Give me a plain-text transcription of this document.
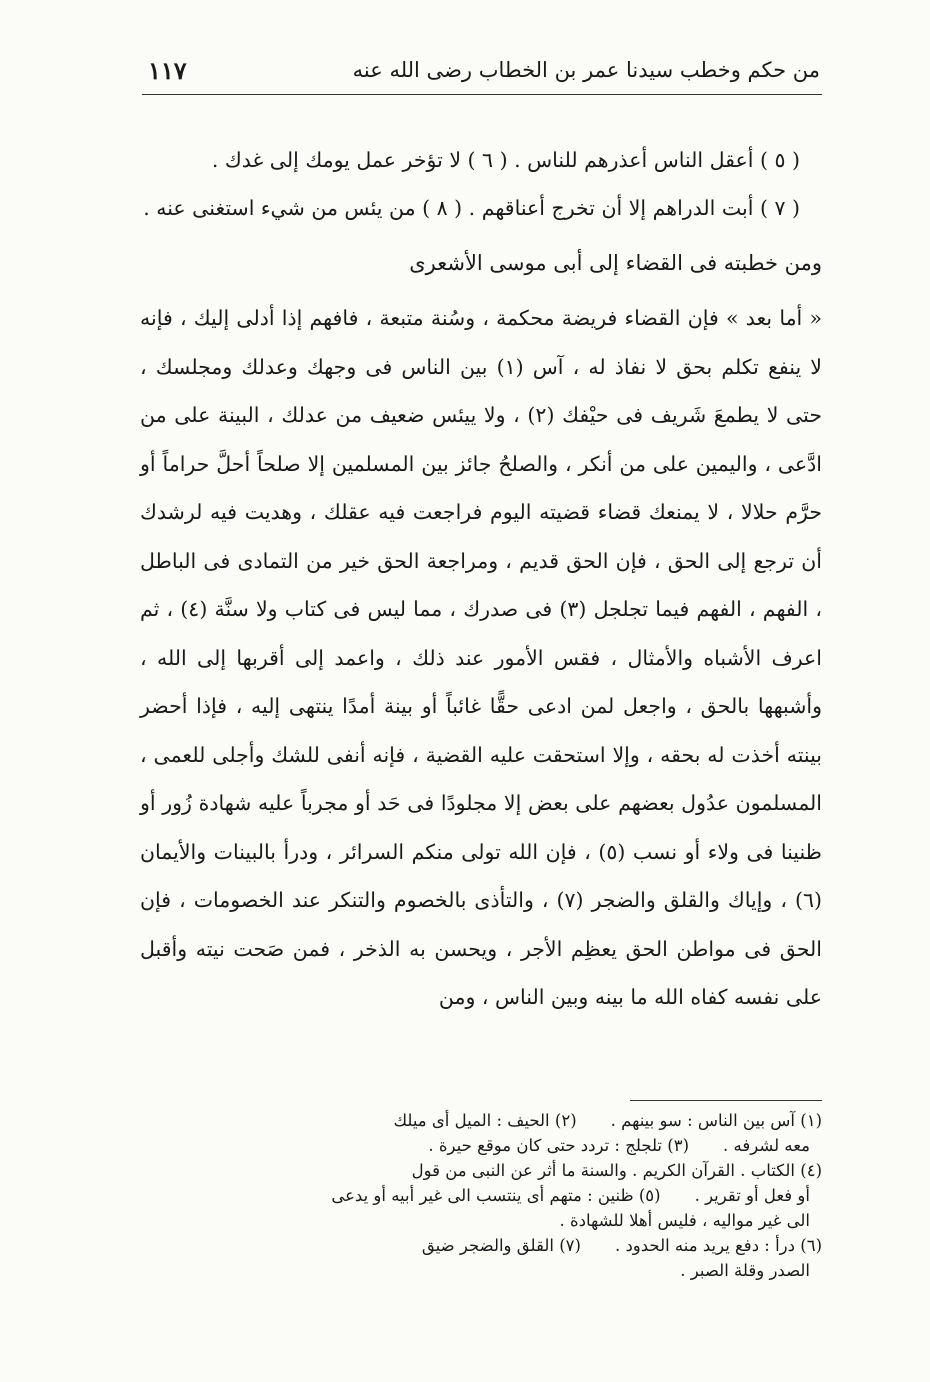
من حكم وخطب سيدنا عمر بن الخطاب رضى الله عنه
١١٧
( ٥ ) أعقل الناس أعذرهم للناس . ( ٦ ) لا تؤخر عمل يومك إلى غدك .
( ٧ ) أبت الدراهم إلا أن تخرج أعناقهم . ( ٨ ) من يئس من شيء استغنى عنه .
ومن خطبته فى القضاء إلى أبى موسى الأشعرى

« أما بعد » فإن القضاء فريضة محكمة ، وسُنة متبعة ، فافهم إذا أدلى إليك ، فإنه لا ينفع تكلم بحق لا نفاذ له ، آس (١) بين الناس فى وجهك وعدلك ومجلسك ، حتى لا يطمعَ شَريف فى حيْفك (٢) ، ولا ييئس ضعيف من عدلك ، البينة على من ادَّعى ، واليمين على من أنكر ، والصلحُ جائز بين المسلمين إلا صلحاً أحلَّ حراماً أو حرَّم حلالا ، لا يمنعك قضاء قضيته اليوم فراجعت فيه عقلك ، وهديت فيه لرشدك أن ترجع إلى الحق ، فإن الحق قديم ، ومراجعة الحق خير من التمادى فى الباطل ، الفهم ، الفهم فيما تجلجل (٣) فى صدرك ، مما ليس فى كتاب ولا سنَّة (٤) ، ثم اعرف الأشباه والأمثال ، فقس الأمور عند ذلك ، واعمد إلى أقربها إلى الله ، وأشبهها بالحق ، واجعل لمن ادعى حقًّا غائباً أو بينة أمدًا ينتهى إليه ، فإذا أحضر بينته أخذت له بحقه ، وإلا استحقت عليه القضية ، فإنه أنفى للشك وأجلى للعمى ، المسلمون عدُول بعضهم على بعض إلا مجلودًا فى حَد أو مجرباً عليه شهادة زُور أو ظنينا فى ولاء أو نسب (٥) ، فإن الله تولى منكم السرائر ، ودرأ بالبينات والأيمان (٦) ، وإياك والقلق والضجر (٧) ، والتأذى بالخصوم والتنكر عند الخصومات ، فإن الحق فى مواطن الحق يعظِم الأجر ، ويحسن به الذخر ، فمن صَحت نيته وأقبل على نفسه كفاه الله ما بينه وبين الناس ، ومن

(١) آس بين الناس : سو بينهم .(٢) الحيف : الميل أى ميلك
معه لشرفه .(٣) تلجلج : تردد حتى كان موقع حيرة .
(٤) الكتاب . القرآن الكريم . والسنة ما أثر عن النبى من قول
أو فعل أو تقرير .(٥) ظنين : متهم أى ينتسب الى غير أبيه أو يدعى
الى غير مواليه ، فليس أهلا للشهادة .
(٦) درأ : دفع يريد منه الحدود .(٧) القلق والضجر ضيق
الصدر وقلة الصبر .
